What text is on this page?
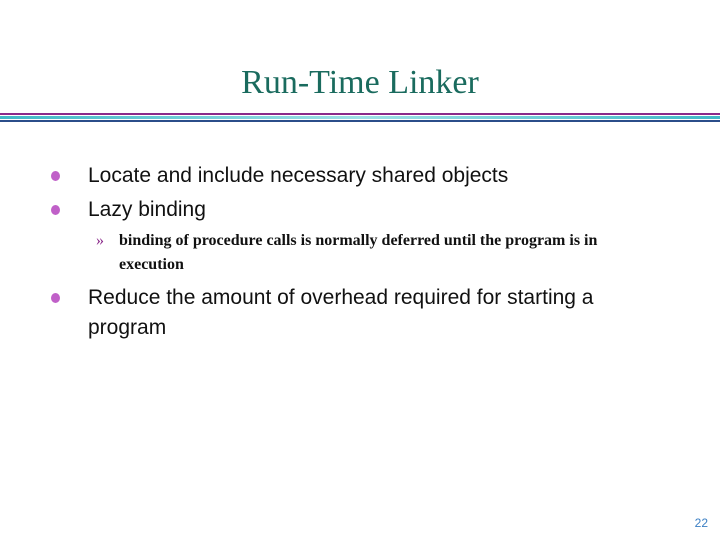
Run-Time Linker
Locate and include necessary shared objects
Lazy binding
» binding of procedure calls is normally deferred until the program is in execution
Reduce the amount of overhead required for starting a program
22
